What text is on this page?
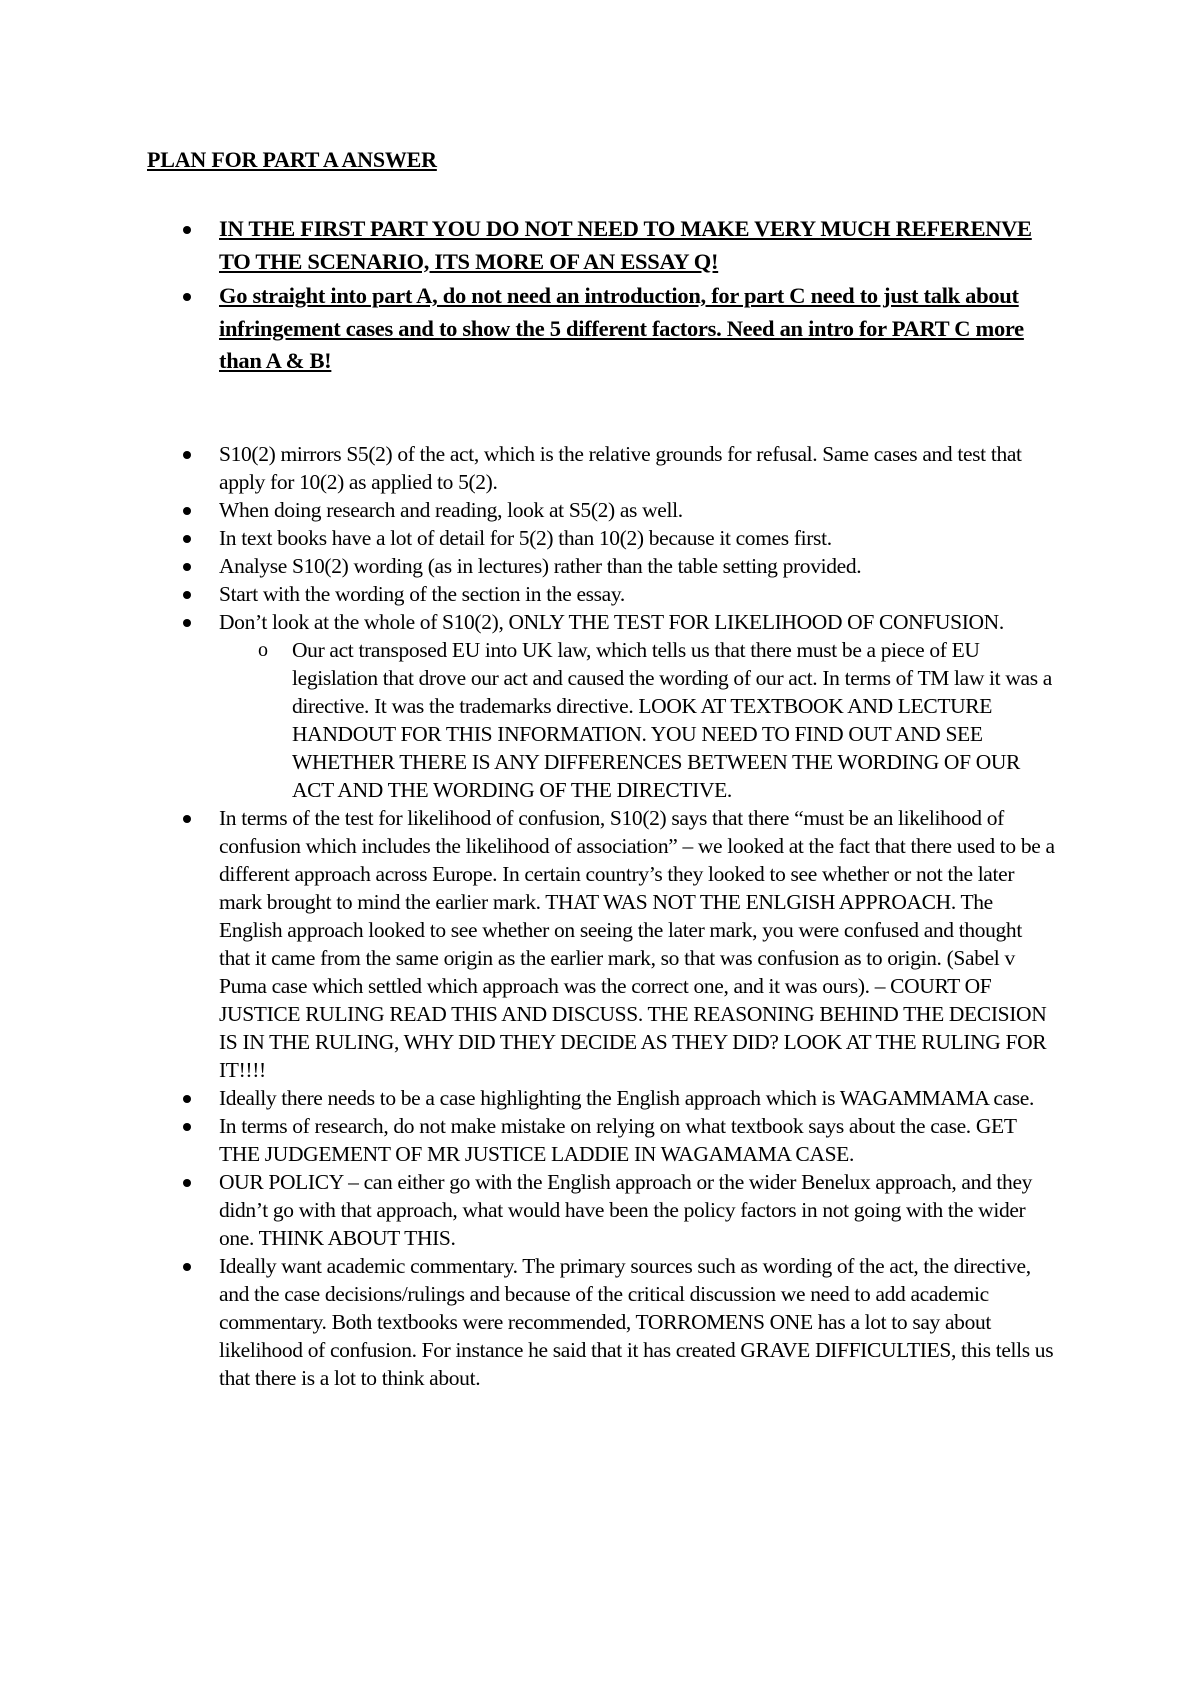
PLAN FOR PART A ANSWER
IN THE FIRST PART YOU DO NOT NEED TO MAKE VERY MUCH REFERENVE TO THE SCENARIO, ITS MORE OF AN ESSAY Q!
Go straight into part A, do not need an introduction, for part C need to just talk about infringement cases and to show the 5 different factors. Need an intro for PART C more than A & B!
S10(2) mirrors S5(2) of the act, which is the relative grounds for refusal. Same cases and test that apply for 10(2) as applied to 5(2).
When doing research and reading, look at S5(2) as well.
In text books have a lot of detail for 5(2) than 10(2) because it comes first.
Analyse S10(2) wording (as in lectures) rather than the table setting provided.
Start with the wording of the section in the essay.
Don’t look at the whole of S10(2), ONLY THE TEST FOR LIKELIHOOD OF CONFUSION.
o Our act transposed EU into UK law, which tells us that there must be a piece of EU legislation that drove our act and caused the wording of our act. In terms of TM law it was a directive. It was the trademarks directive. LOOK AT TEXTBOOK AND LECTURE HANDOUT FOR THIS INFORMATION. YOU NEED TO FIND OUT AND SEE WHETHER THERE IS ANY DIFFERENCES BETWEEN THE WORDING OF OUR ACT AND THE WORDING OF THE DIRECTIVE.
In terms of the test for likelihood of confusion, S10(2) says that there “must be an likelihood of confusion which includes the likelihood of association” – we looked at the fact that there used to be a different approach across Europe. In certain country’s they looked to see whether or not the later mark brought to mind the earlier mark. THAT WAS NOT THE ENLGISH APPROACH. The English approach looked to see whether on seeing the later mark, you were confused and thought that it came from the same origin as the earlier mark, so that was confusion as to origin. (Sabel v Puma case which settled which approach was the correct one, and it was ours). – COURT OF JUSTICE RULING READ THIS AND DISCUSS. THE REASONING BEHIND THE DECISION IS IN THE RULING, WHY DID THEY DECIDE AS THEY DID? LOOK AT THE RULING FOR IT!!!!
Ideally there needs to be a case highlighting the English approach which is WAGAMMAMA case.
In terms of research, do not make mistake on relying on what textbook says about the case. GET THE JUDGEMENT OF MR JUSTICE LADDIE IN WAGAMAMA CASE.
OUR POLICY – can either go with the English approach or the wider Benelux approach, and they didn’t go with that approach, what would have been the policy factors in not going with the wider one. THINK ABOUT THIS.
Ideally want academic commentary. The primary sources such as wording of the act, the directive, and the case decisions/rulings and because of the critical discussion we need to add academic commentary. Both textbooks were recommended, TORROMENS ONE has a lot to say about likelihood of confusion. For instance he said that it has created GRAVE DIFFICULTIES, this tells us that there is a lot to think about.
